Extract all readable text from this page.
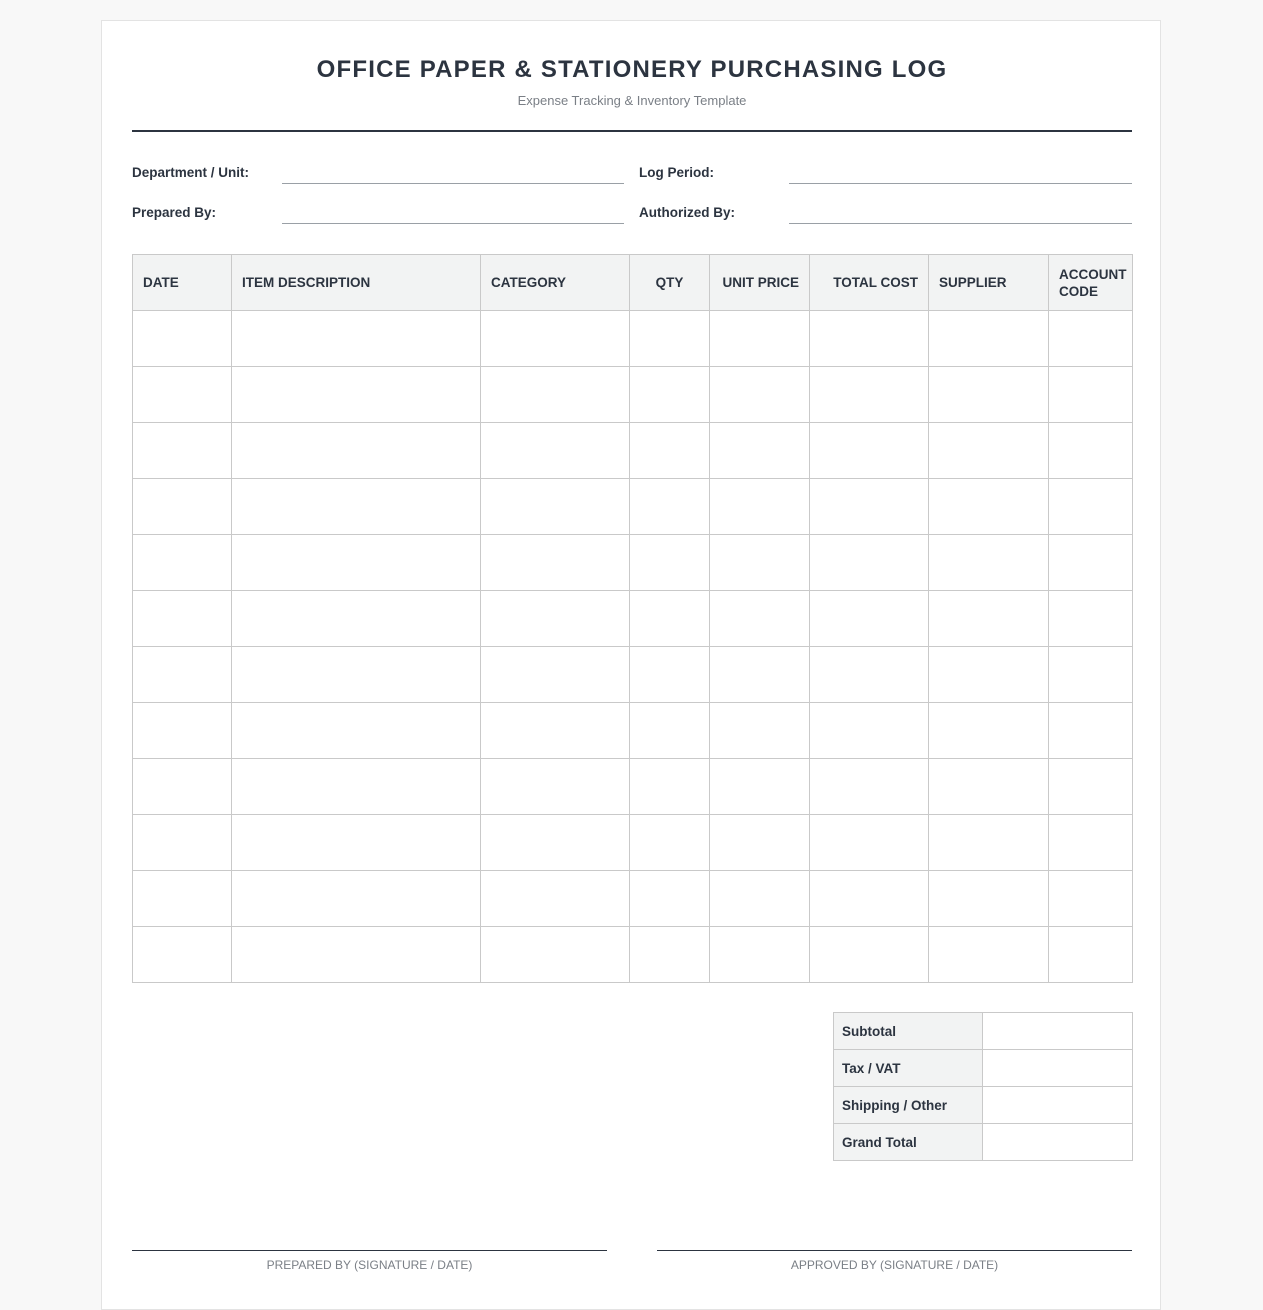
OFFICE PAPER & STATIONERY PURCHASING LOG
Expense Tracking & Inventory Template
Department / Unit:	Log Period:
Prepared By:	Authorized By:
DATE	ITEM DESCRIPTION	CATEGORY	QTY	UNIT PRICE	TOTAL COST	SUPPLIER	ACCOUNT CODE

Subtotal	
Tax / VAT	
Shipping / Other	
Grand Total	
PREPARED BY (SIGNATURE / DATE)	APPROVED BY (SIGNATURE / DATE)
